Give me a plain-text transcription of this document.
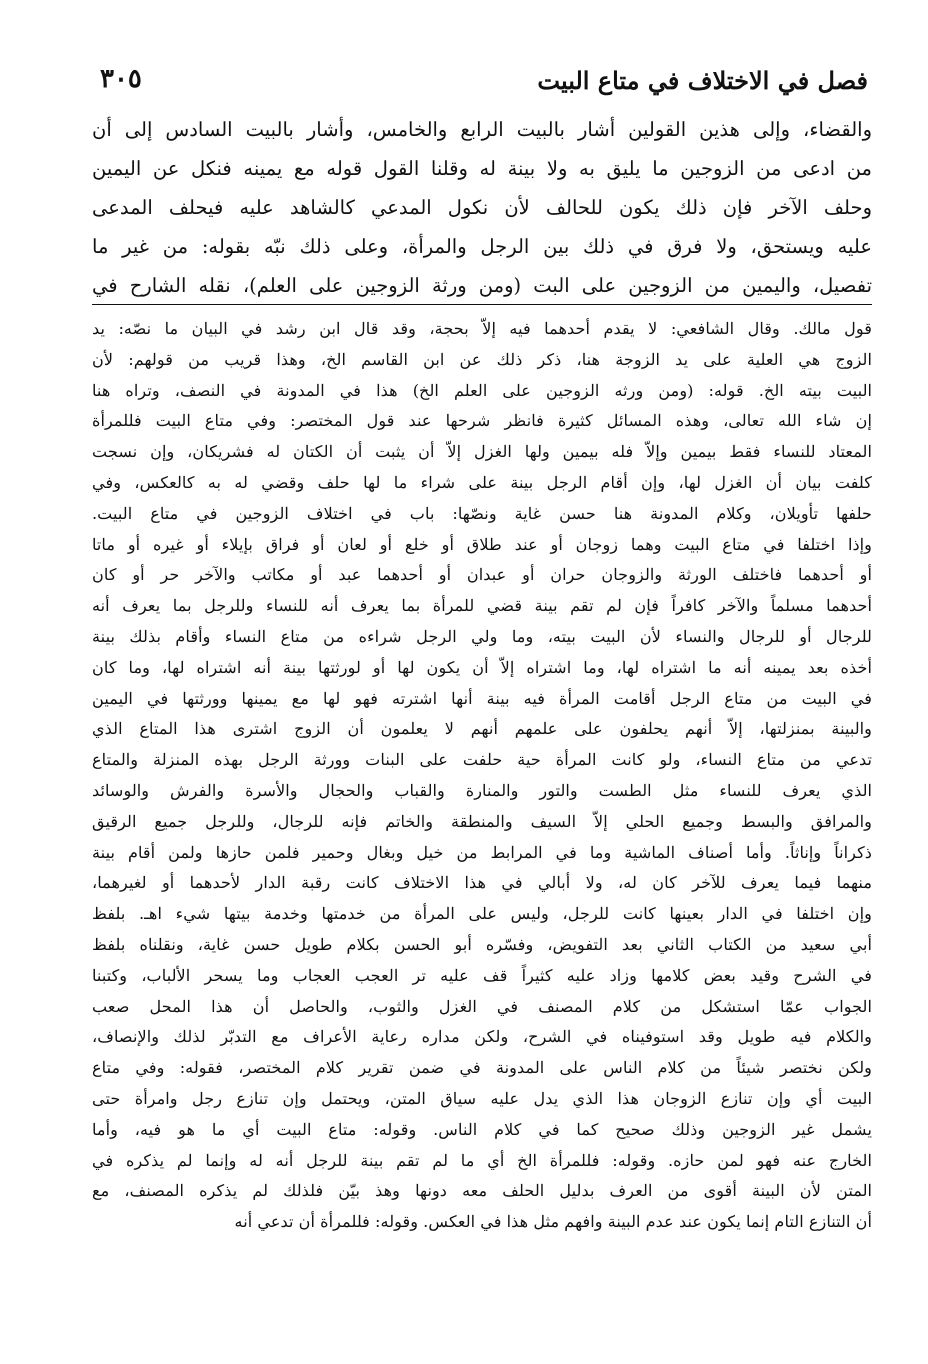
٣٠٥	فصل في الاختلاف في متاع البيت
والقضاء، وإلى هذين القولين أشار بالبيت الرابع والخامس، وأشار بالبيت السادس إلى أن
من ادعى من الزوجين ما يليق به ولا بينة له وقلنا القول قوله مع يمينه فنكل عن اليمين
وحلف الآخر فإن ذلك يكون للحالف لأن نكول المدعي كالشاهد عليه فيحلف المدعى
عليه ويستحق، ولا فرق في ذلك بين الرجل والمرأة، وعلى ذلك نبّه بقوله: من غير ما
تفصيل، واليمين من الزوجين على البت (ومن ورثة الزوجين على العلم)، نقله الشارح في
قول مالك. وقال الشافعي: لا يقدم أحدهما فيه إلاّ بحجة، وقد قال ابن رشد في البيان ما نصّه: يد
الزوج هي العلية على يد الزوجة هنا، ذكر ذلك عن ابن القاسم الخ، وهذا قريب من قولهم: لأن
البيت بيته الخ. قوله: (ومن ورثه الزوجين على العلم الخ) هذا في المدونة في النصف، وتراه هنا
إن شاء الله تعالى، وهذه المسائل كثيرة فانظر شرحها عند قول المختصر: وفي متاع البيت فللمرأة
المعتاد للنساء فقط بيمين وإلاّ فله بيمين ولها الغزل إلاّ أن يثبت أن الكتان له فشريكان، وإن نسجت
كلفت بيان أن الغزل لها، وإن أقام الرجل بينة على شراء ما لها حلف وقضي له به كالعكس، وفي
حلفها تأويلان، وكلام المدونة هنا حسن غاية ونصّها: باب في اختلاف الزوجين في متاع البيت.
وإذا اختلفا في متاع البيت وهما زوجان أو عند طلاق أو خلع أو لعان أو فراق بإيلاء أو غيره أو ماتا
أو أحدهما فاختلف الورثة والزوجان حران أو عبدان أو أحدهما عبد أو مكاتب والآخر حر أو كان
أحدهما مسلماً والآخر كافراً فإن لم تقم بينة قضي للمرأة بما يعرف أنه للنساء وللرجل بما يعرف أنه
للرجال أو للرجال والنساء لأن البيت بيته، وما ولي الرجل شراءه من متاع النساء وأقام بذلك بينة
أخذه بعد يمينه أنه ما اشتراه لها، وما اشتراه إلاّ أن يكون لها أو لورثتها بينة أنه اشتراه لها، وما كان
في البيت من متاع الرجل أقامت المرأة فيه بينة أنها اشترته فهو لها مع يمينها وورثتها في اليمين
والبينة بمنزلتها، إلاّ أنهم يحلفون على علمهم أنهم لا يعلمون أن الزوج اشترى هذا المتاع الذي
تدعي من متاع النساء، ولو كانت المرأة حية حلفت على البنات وورثة الرجل بهذه المنزلة والمتاع
الذي يعرف للنساء مثل الطست والتور والمنارة والقباب والحجال والأسرة والفرش والوسائد
والمرافق والبسط وجميع الحلي إلاّ السيف والمنطقة والخاتم فإنه للرجال، وللرجل جميع الرقيق
ذكراناً وإناثاً. وأما أصناف الماشية وما في المرابط من خيل وبغال وحمير فلمن حازها ولمن أقام بينة
منهما فيما يعرف للآخر كان له، ولا أبالي في هذا الاختلاف كانت رقبة الدار لأحدهما أو لغيرهما،
وإن اختلفا في الدار بعينها كانت للرجل، وليس على المرأة من خدمتها وخدمة بيتها شيء اهـ. بلفظ
أبي سعيد من الكتاب الثاني بعد التفويض، وفسّره أبو الحسن بكلام طويل حسن غاية، ونقلناه بلفظ
في الشرح وقيد بعض كلامها وزاد عليه كثيراً قف عليه تر العجب العجاب وما يسحر الألباب، وكتبنا
الجواب عمّا استشكل من كلام المصنف في الغزل والثوب، والحاصل أن هذا المحل صعب
والكلام فيه طويل وقد استوفيناه في الشرح، ولكن مداره رعاية الأعراف مع التدبّر لذلك والإنصاف،
ولكن نختصر شيئاً من كلام الناس على المدونة في ضمن تقرير كلام المختصر، فقوله: وفي متاع
البيت أي وإن تنازع الزوجان هذا الذي يدل عليه سياق المتن، ويحتمل وإن تنازع رجل وامرأة حتى
يشمل غير الزوجين وذلك صحيح كما في كلام الناس. وقوله: متاع البيت أي ما هو فيه، وأما
الخارج عنه فهو لمن حازه. وقوله: فللمرأة الخ أي ما لم تقم بينة للرجل أنه له وإنما لم يذكره في
المتن لأن البينة أقوى من العرف بدليل الحلف معه دونها وهذ بيّن فلذلك لم يذكره المصنف، مع
أن التنازع التام إنما يكون عند عدم البينة وافهم مثل هذا في العكس. وقوله: فللمرأة أن تدعي أنه
